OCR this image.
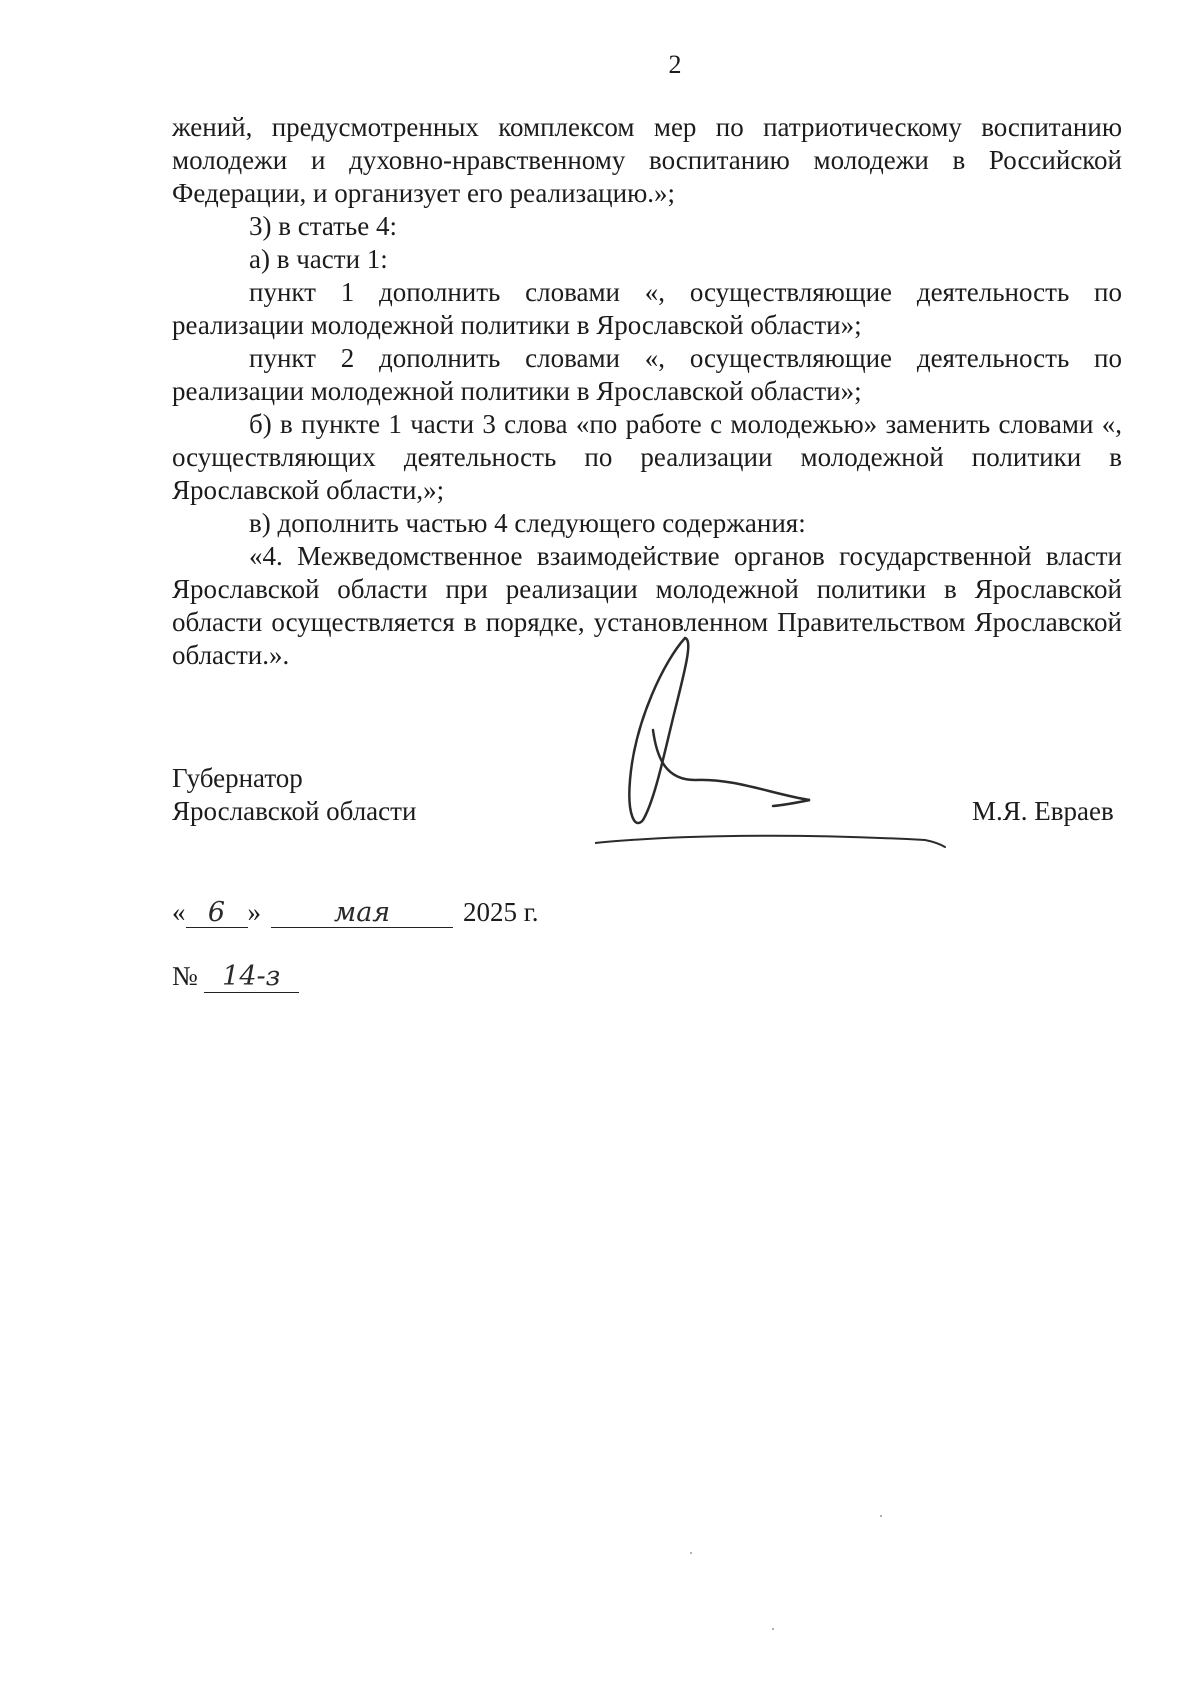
2

жений, предусмотренных комплексом мер по патриотическому воспитанию молодежи и духовно-нравственному воспитанию молодежи в Российской Федерации, и организует его реализацию.»;

3) в статье 4:

а) в части 1:

пункт 1 дополнить словами «, осуществляющие деятельность по реализации молодежной политики в Ярославской области»;

пункт 2 дополнить словами «, осуществляющие деятельность по реализации молодежной политики в Ярославской области»;

б) в пункте 1 части 3 слова «по работе с молодежью» заменить словами «, осуществляющих деятельность по реализации молодежной политики в Ярославской области,»;

в) дополнить частью 4 следующего содержания:

«4. Межведомственное взаимодействие органов государственной власти Ярославской области при реализации молодежной политики в Ярославской области осуществляется в порядке, установленном Правительством Ярославской области.».

Губернатор
Ярославской области	М.Я. Евраев
« 6 »	мая	2025 г.
№ 14-з
